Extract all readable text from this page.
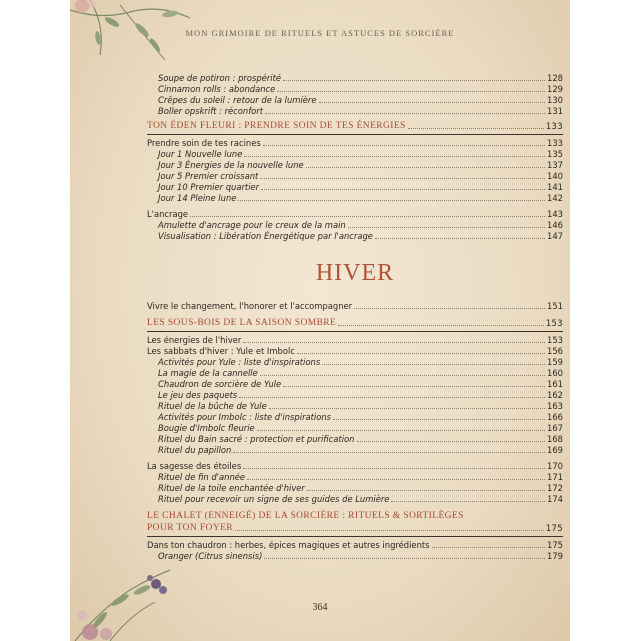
MON GRIMOIRE DE RITUELS ET ASTUCES DE SORCIÈRE
Soupe de potiron : prospérité	128
Cinnamon rolls : abondance	129
Crêpes du soleil : retour de la lumière	130
Boller opskrift : réconfort	131
TON ÉDEN FLEURI : PRENDRE SOIN DE TES ÉNERGIES	133
Prendre soin de tes racines	133
Jour 1 Nouvelle lune	135
Jour 3 Énergies de la nouvelle lune	137
Jour 5 Premier croissant	140
Jour 10 Premier quartier	141
Jour 14 Pleine lune	142
L'ancrage	143
Amulette d'ancrage pour le creux de la main	146
Visualisation : Libération Énergétique par l'ancrage	147
HIVER
Vivre le changement, l'honorer et l'accompagner	151
LES SOUS-BOIS DE LA SAISON SOMBRE	153
Les énergies de l'hiver	153
Les sabbats d'hiver : Yule et Imbolc	156
Activités pour Yule : liste d'inspirations	159
La magie de la cannelle	160
Chaudron de sorcière de Yule	161
Le jeu des paquets	162
Rituel de la bûche de Yule	163
Activités pour Imbolc : liste d'inspirations	166
Bougie d'Imbolc fleurie	167
Rituel du Bain sacré : protection et purification	168
Rituel du papillon	169
La sagesse des étoiles	170
Rituel de fin d'année	171
Rituel de la toile enchantée d'hiver	172
Rituel pour recevoir un signe de ses guides de Lumière	174
LE CHALET (ENNEIGÉ) DE LA SORCIÈRE : RITUELS & SORTILÈGES
POUR TON FOYER	175
Dans ton chaudron : herbes, épices magiques et autres ingrédients	175
Oranger (Citrus sinensis)	179
364
